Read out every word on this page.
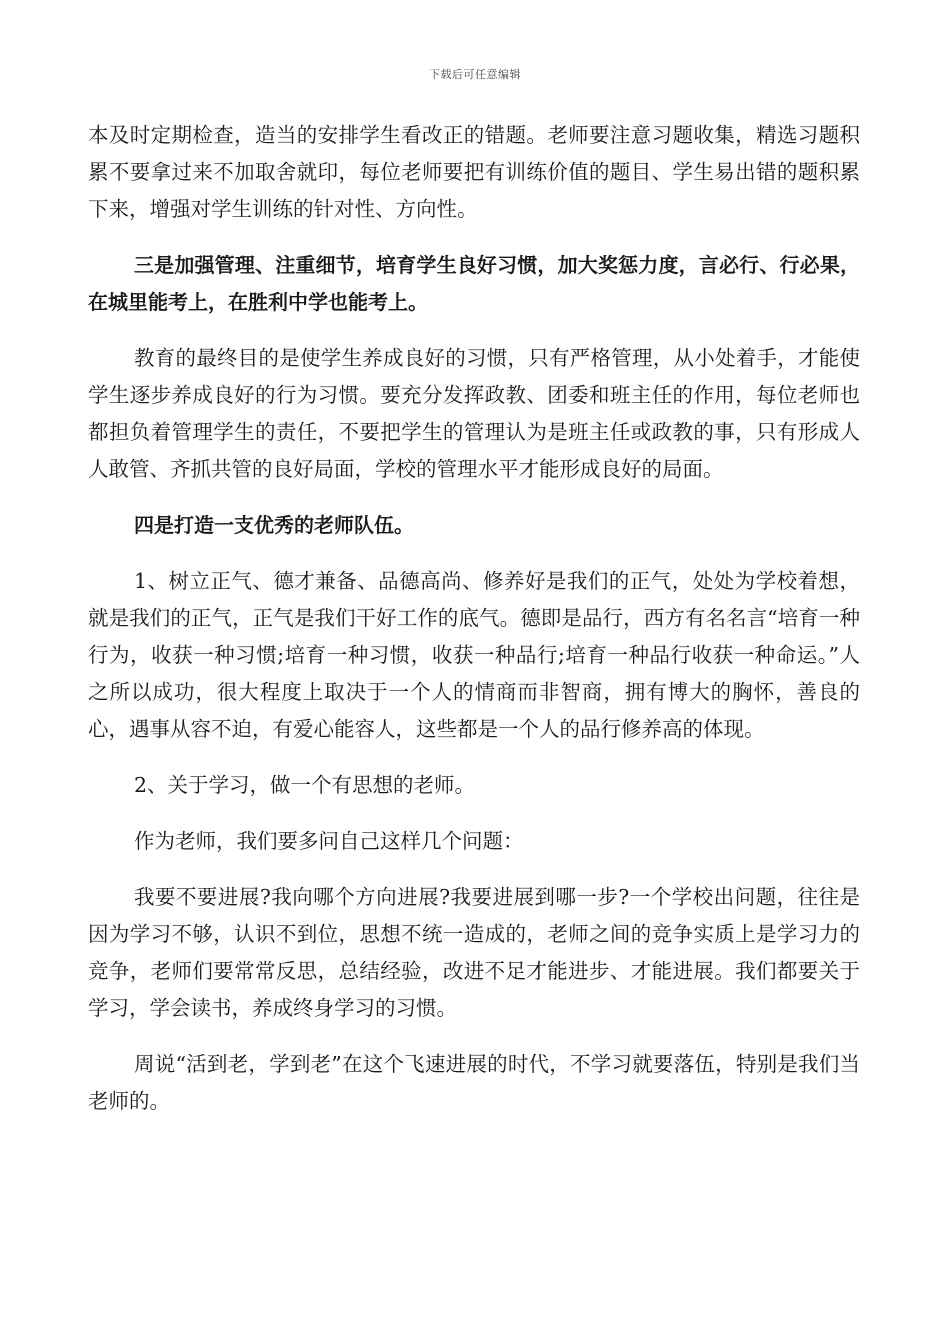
下载后可任意编辑

本及时定期检查，造当的安排学生看改正的错题。老师要注意习题收集，精选习题积累不要拿过来不加取舍就印，每位老师要把有训练价值的题目、学生易出错的题积累下来，增强对学生训练的针对性、方向性。

三是加强管理、注重细节，培育学生良好习惯，加大奖惩力度，言必行、行必果，在城里能考上，在胜利中学也能考上。

教育的最终目的是使学生养成良好的习惯，只有严格管理，从小处着手，才能使学生逐步养成良好的行为习惯。要充分发挥政教、团委和班主任的作用，每位老师也都担负着管理学生的责任，不要把学生的管理认为是班主任或政教的事，只有形成人人敢管、齐抓共管的良好局面，学校的管理水平才能形成良好的局面。

四是打造一支优秀的老师队伍。

1、树立正气、德才兼备、品德高尚、修养好是我们的正气，处处为学校着想，就是我们的正气，正气是我们干好工作的底气。德即是品行，西方有名名言“培育一种行为，收获一种习惯;培育一种习惯，收获一种品行;培育一种品行收获一种命运。”人之所以成功，很大程度上取决于一个人的情商而非智商，拥有博大的胸怀，善良的心，遇事从容不迫，有爱心能容人，这些都是一个人的品行修养高的体现。

2、关于学习，做一个有思想的老师。

作为老师，我们要多问自己这样几个问题：

我要不要进展?我向哪个方向进展?我要进展到哪一步?一个学校出问题，往往是因为学习不够，认识不到位，思想不统一造成的，老师之间的竞争实质上是学习力的竞争，老师们要常常反思，总结经验，改进不足才能进步、才能进展。我们都要关于学习，学会读书，养成终身学习的习惯。

周说“活到老，学到老”在这个飞速进展的时代，不学习就要落伍，特别是我们当老师的。
